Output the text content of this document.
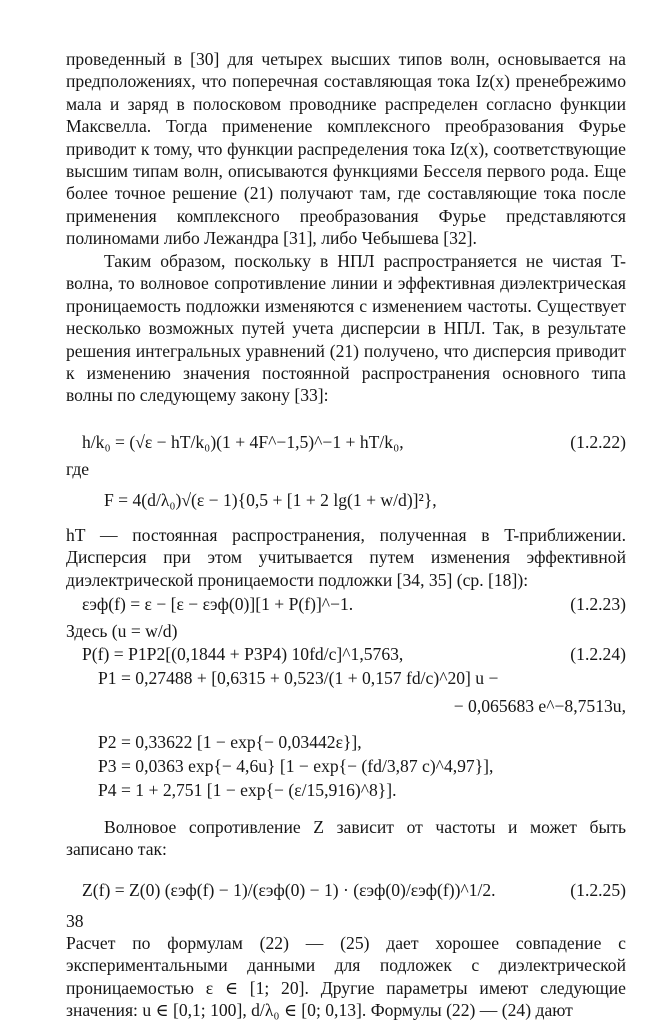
проведенный в [30] для четырех высших типов волн, основывается на предположениях, что поперечная составляющая тока Iz(x) пренебрежимо мала и заряд в полосковом проводнике распределен согласно функции Максвелла. Тогда применение комплексного преобразования Фурье приводит к тому, что функции распределения тока Iz(x), соответствующие высшим типам волн, описываются функциями Бесселя первого рода. Еще более точное решение (21) получают там, где составляющие тока после применения комплексного преобразования Фурье представляются полиномами либо Лежандра [31], либо Чебышева [32].

Таким образом, поскольку в НПЛ распространяется не чистая T-волна, то волновое сопротивление линии и эффективная диэлектрическая проницаемость подложки изменяются с изменением частоты. Существует несколько возможных путей учета дисперсии в НПЛ. Так, в результате решения интегральных уравнений (21) получено, что дисперсия приводит к изменению значения постоянной распространения основного типа волны по следующему закону [33]:

h/k₀ = (√ε − hT/k₀)(1 + 4F^−1,5)^−1 + hT/k₀,	(1.2.22)
где
F = 4(d/λ₀)√(ε − 1){0,5 + [1 + 2 lg(1 + w/d)]²},

hT — постоянная распространения, полученная в T-приближении. Дисперсия при этом учитывается путем изменения эффективной диэлектрической проницаемости подложки [34, 35] (ср. [18]):

εэф(f) = ε − [ε − εэф(0)][1 + P(f)]^−1.	(1.2.23)
Здесь (u = w/d)
P(f) = P1P2[(0,1844 + P3P4) 10fd/c]^1,5763,	(1.2.24)
P1 = 0,27488 + [0,6315 + 0,523/(1 + 0,157 fd/c)^20] u −
− 0,065683 e^−8,7513u,
P2 = 0,33622 [1 − exp{− 0,03442ε}],
P3 = 0,0363 exp{− 4,6u} [1 − exp{− (fd/3,87 c)^4,97}],
P4 = 1 + 2,751 [1 − exp{− (ε/15,916)^8}].

Волновое сопротивление Z зависит от частоты и может быть записано так:

Z(f) = Z(0) (εэф(f) − 1)/(εэф(0) − 1) · (εэф(0)/εэф(f))^1/2.	(1.2.25)

Расчет по формулам (22) — (25) дает хорошее совпадение с экспериментальными данными для подложек с диэлектрической проницаемостью ε ∈ [1; 20]. Другие параметры имеют следующие значения: u ∈ [0,1; 100], d/λ₀ ∈ [0; 0,13]. Формулы (22) — (24) дают

38
